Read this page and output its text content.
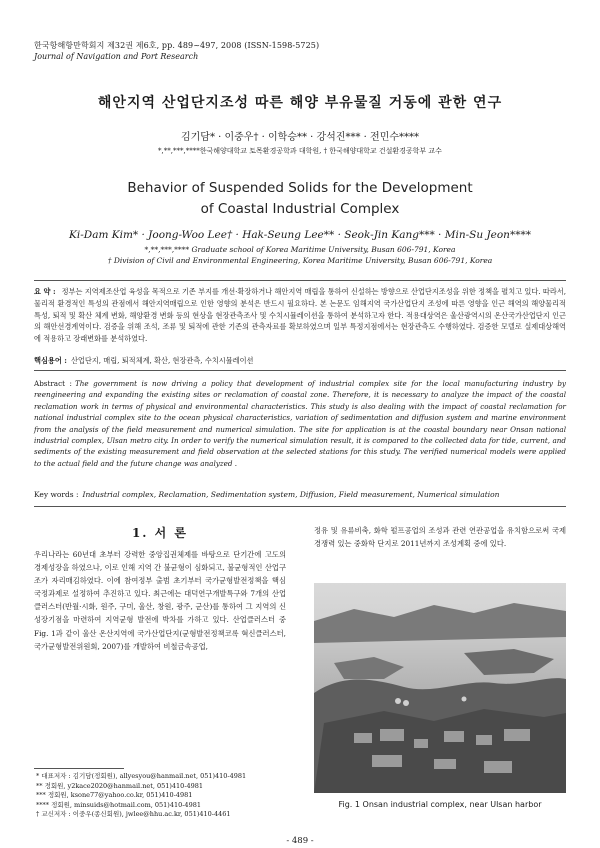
한국항해항만학회지 제32권 제6호, pp. 489~497, 2008 (ISSN-1598-5725)
Journal of Navigation and Port Research
해안지역 산업단지조성 따른 해양 부유물질 거동에 관한 연구
김기담* · 이중우† · 이학승** · 강석진*** · 전민수****
*,**,***,****한국해양대학교 토목환경공학과 대학원, † 한국해양대학교 건설환경공학부 교수
Behavior of Suspended Solids for the Development of Coastal Industrial Complex
Ki-Dam Kim* · Joong-Woo Lee† · Hak-Seung Lee** · Seok-Jin Kang*** · Min-Su Jeon****
*,**,***,**** Graduate school of Korea Maritime University, Busan 606-791, Korea
† Division of Civil and Environmental Engineering, Korea Maritime University, Busan 606-791, Korea
요 약 : 정부는 지역제조산업 육성을 목적으로 기존 부지를 개선·확장하거나 해안지역 매립을 통하여 신설하는 방향으로 산업단지조성을 위한 정책을 펼치고 있다. 따라서, 물리적 환경적인 특성의 관점에서 해안지역매립으로 인한 영향의 분석은 반드시 필요하다. 본 논문도 임해지역 국가산업단지 조성에 따른 영향을 인근 해역의 해양물리적 특성, 퇴적 및 확산 체계 변화, 해양환경 변화 등의 현상을 현장관측조사 및 수치시뮬레이션을 통하여 분석하고자 한다. 적용대상역은 울산광역시의 온산국가산업단지 인근의 해안선경계역이다. 검증을 위해 조석, 조류 및 퇴적에 관한 기존의 관측자료를 확보하였으며 일부 특정지점에서는 현장관측도 수행하였다. 검증한 모델로 실제대상해역에 적용하고 장래변화를 분석하였다.
핵심용어 : 산업단지, 매립, 퇴적체계, 확산, 현장관측, 수치시뮬레이션
Abstract : The government is now driving a policy that development of industrial complex site for the local manufacturing industry by reengineering and expanding the existing sites or reclamation of coastal zone. Therefore, it is necessary to analyze the impact of the coastal reclamation work in terms of physical and environmental characteristics. This study is also dealing with the impact of coastal reclamation for national industrial complex site to the ocean physical characteristics, variation of sedimentation and diffusion system and marine environment from the analysis of the field measurement and numerical simulation. The site for application is at the coastal boundary near Onsan national industrial complex, Ulsan metro city. In order to verify the numerical simulation result, it is compared to the collected data for tide, current, and sediments of the existing measurement and field observation at the selected stations for this study. The verified numerical models were applied to the actual field and the future change was analyzed .
Key words : Industrial complex, Reclamation, Sedimentation system, Diffusion, Field measurement, Numerical simulation
1. 서 론
우리나라는 60년대 초부터 강력한 중앙집권체제를 바탕으로 단기간에 고도의 경제성장을 하였으나, 이로 인해 지역 간 불균형이 심화되고, 불균형적인 산업구조가 자리매김하였다. 이에 참여정부 출범 초기부터 국가균형발전정책을 핵심 국정과제로 설정하여 추진하고 있다. 최근에는 대덕연구개발특구와 7개의 산업클러스터(반월·시화, 원주, 구미, 울산, 창원, 광주, 군산)를 통하여 그 지역의 신 성장기점을 마련하여 지역균형 발전에 박차를 가하고 있다. 산업클러스터 중 Fig. 1과 같이 울산 온산지역에 국가산업단지(균형발전정책코록 혁신클러스터, 국가균형발전위원회, 2007)를 개발하여 비철금속공업,
정유 및 유류비축, 화학 펄프공업의 조성과 관련 연관공업을 유치함으로써 국제 경쟁력 있는 중화학 단지로 2011년까지 조성계획 중에 있다.
Fig. 1 Onsan industrial complex, near Ulsan harbor
* 대표저자 : 김기담(정회원), allyesyou@hanmail.net, 051)410-4981
** 정회원, y2kace2020@hanmail.net, 051)410-4981
*** 정회원, ksone77@yahoo.co.kr, 051)410-4981
**** 정회원, minsuids@hotmail.com, 051)410-4981
† 교신저자 : 이중우(종신회원), jwlee@hhu.ac.kr, 051)410-4461
- 489 -
